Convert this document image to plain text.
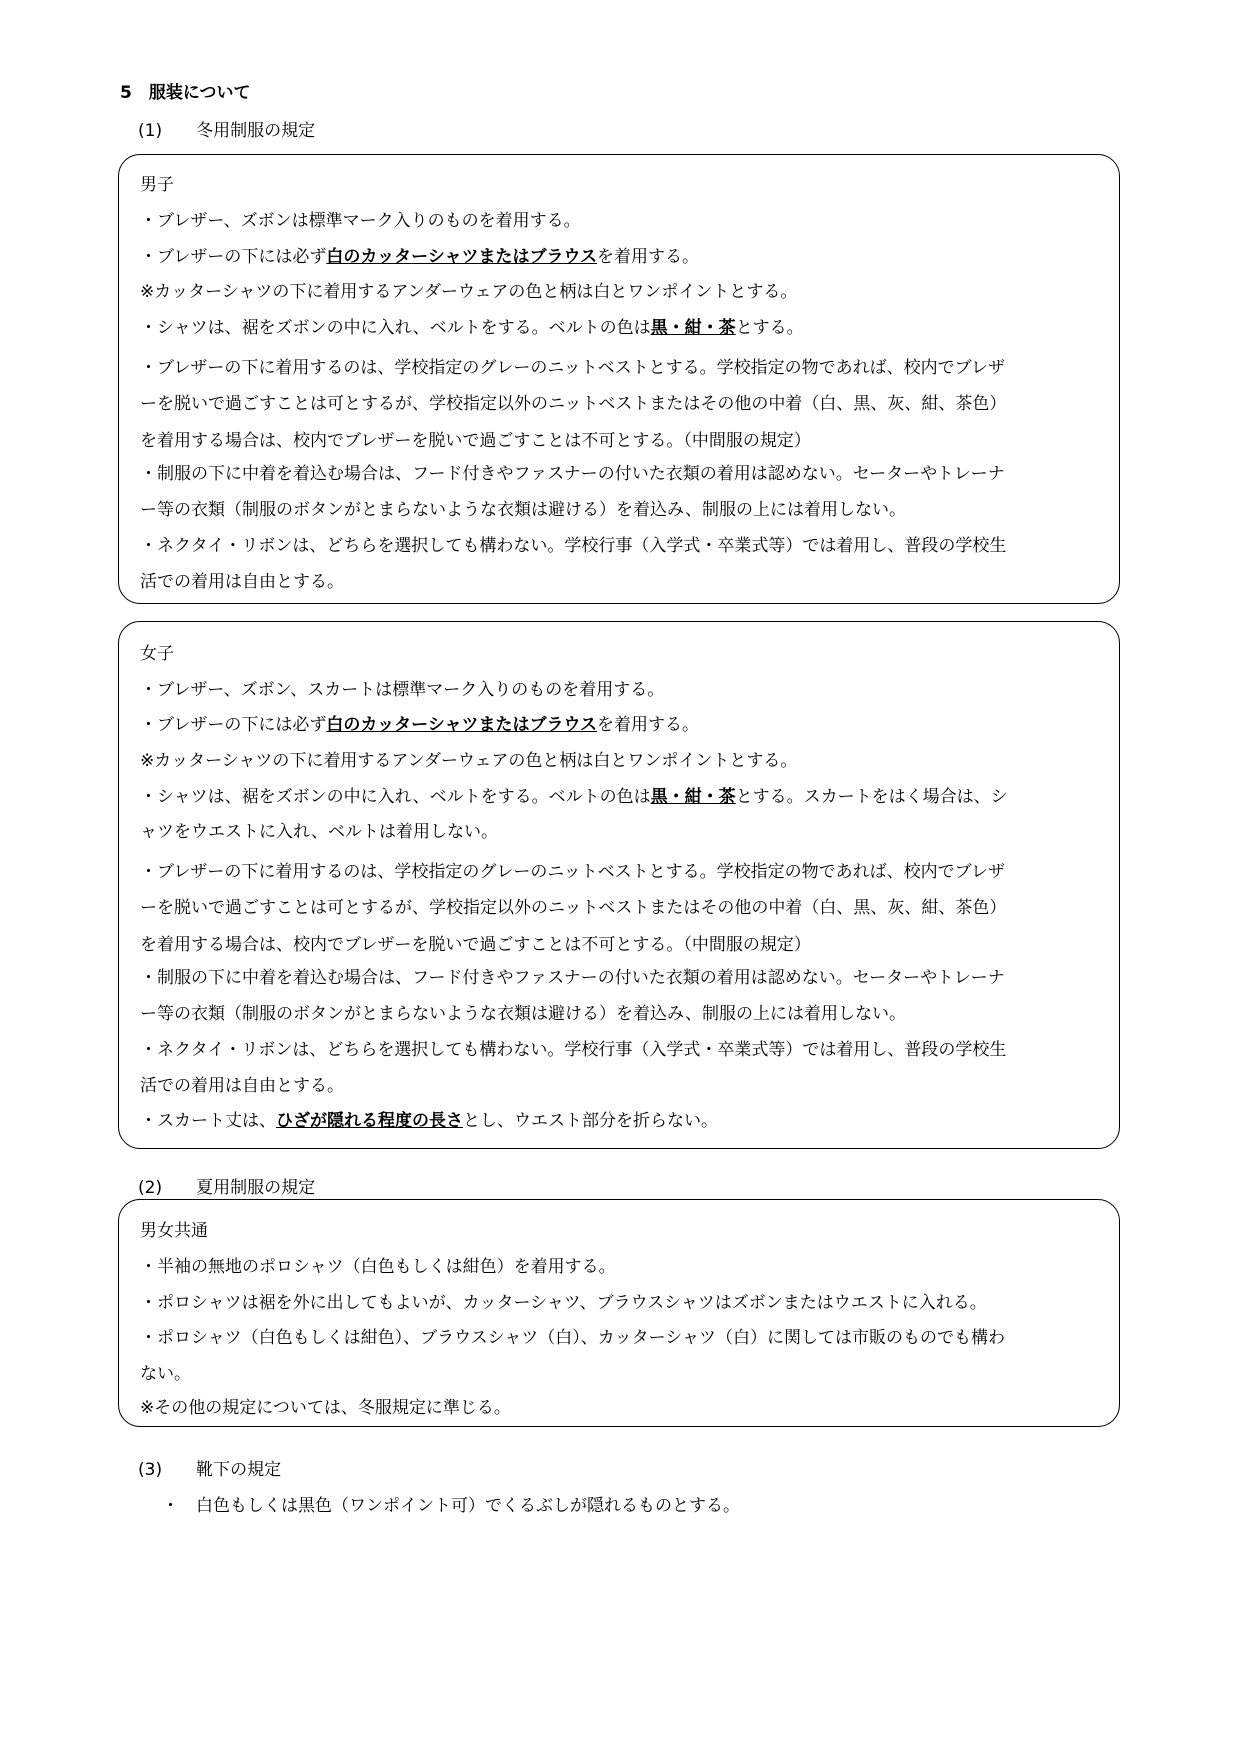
5　服装について
(1)　　冬用制服の規定
男子
・ブレザー、ズボンは標準マーク入りのものを着用する。
・ブレザーの下には必ず白のカッターシャツまたはブラウスを着用する。
※カッターシャツの下に着用するアンダーウェアの色と柄は白とワンポイントとする。
・シャツは、裾をズボンの中に入れ、ベルトをする。ベルトの色は黒・紺・茶とする。
・ブレザーの下に着用するのは、学校指定のグレーのニットベストとする。学校指定の物であれば、校内でブレザ
ーを脱いで過ごすことは可とするが、学校指定以外のニットベストまたはその他の中着（白、黒、灰、紺、茶色）
を着用する場合は、校内でブレザーを脱いで過ごすことは不可とする。（中間服の規定）
・制服の下に中着を着込む場合は、フード付きやファスナーの付いた衣類の着用は認めない。セーターやトレーナ
ー等の衣類（制服のボタンがとまらないような衣類は避ける）を着込み、制服の上には着用しない。
・ネクタイ・リボンは、どちらを選択しても構わない。学校行事（入学式・卒業式等）では着用し、普段の学校生
活での着用は自由とする。
女子
・ブレザー、ズボン、スカートは標準マーク入りのものを着用する。
・ブレザーの下には必ず白のカッターシャツまたはブラウスを着用する。
※カッターシャツの下に着用するアンダーウェアの色と柄は白とワンポイントとする。
・シャツは、裾をズボンの中に入れ、ベルトをする。ベルトの色は黒・紺・茶とする。スカートをはく場合は、シ
ャツをウエストに入れ、ベルトは着用しない。
・ブレザーの下に着用するのは、学校指定のグレーのニットベストとする。学校指定の物であれば、校内でブレザ
ーを脱いで過ごすことは可とするが、学校指定以外のニットベストまたはその他の中着（白、黒、灰、紺、茶色）
を着用する場合は、校内でブレザーを脱いで過ごすことは不可とする。（中間服の規定）
・制服の下に中着を着込む場合は、フード付きやファスナーの付いた衣類の着用は認めない。セーターやトレーナ
ー等の衣類（制服のボタンがとまらないような衣類は避ける）を着込み、制服の上には着用しない。
・ネクタイ・リボンは、どちらを選択しても構わない。学校行事（入学式・卒業式等）では着用し、普段の学校生
活での着用は自由とする。
・スカート丈は、ひざが隠れる程度の長さとし、ウエスト部分を折らない。
(2)　　夏用制服の規定
男女共通
・半袖の無地のポロシャツ（白色もしくは紺色）を着用する。
・ポロシャツは裾を外に出してもよいが、カッターシャツ、ブラウスシャツはズボンまたはウエストに入れる。
・ポロシャツ（白色もしくは紺色）、ブラウスシャツ（白）、カッターシャツ（白）に関しては市販のものでも構わ
ない。
※その他の規定については、冬服規定に準じる。
(3)　　靴下の規定
・　白色もしくは黒色（ワンポイント可）でくるぶしが隠れるものとする。
